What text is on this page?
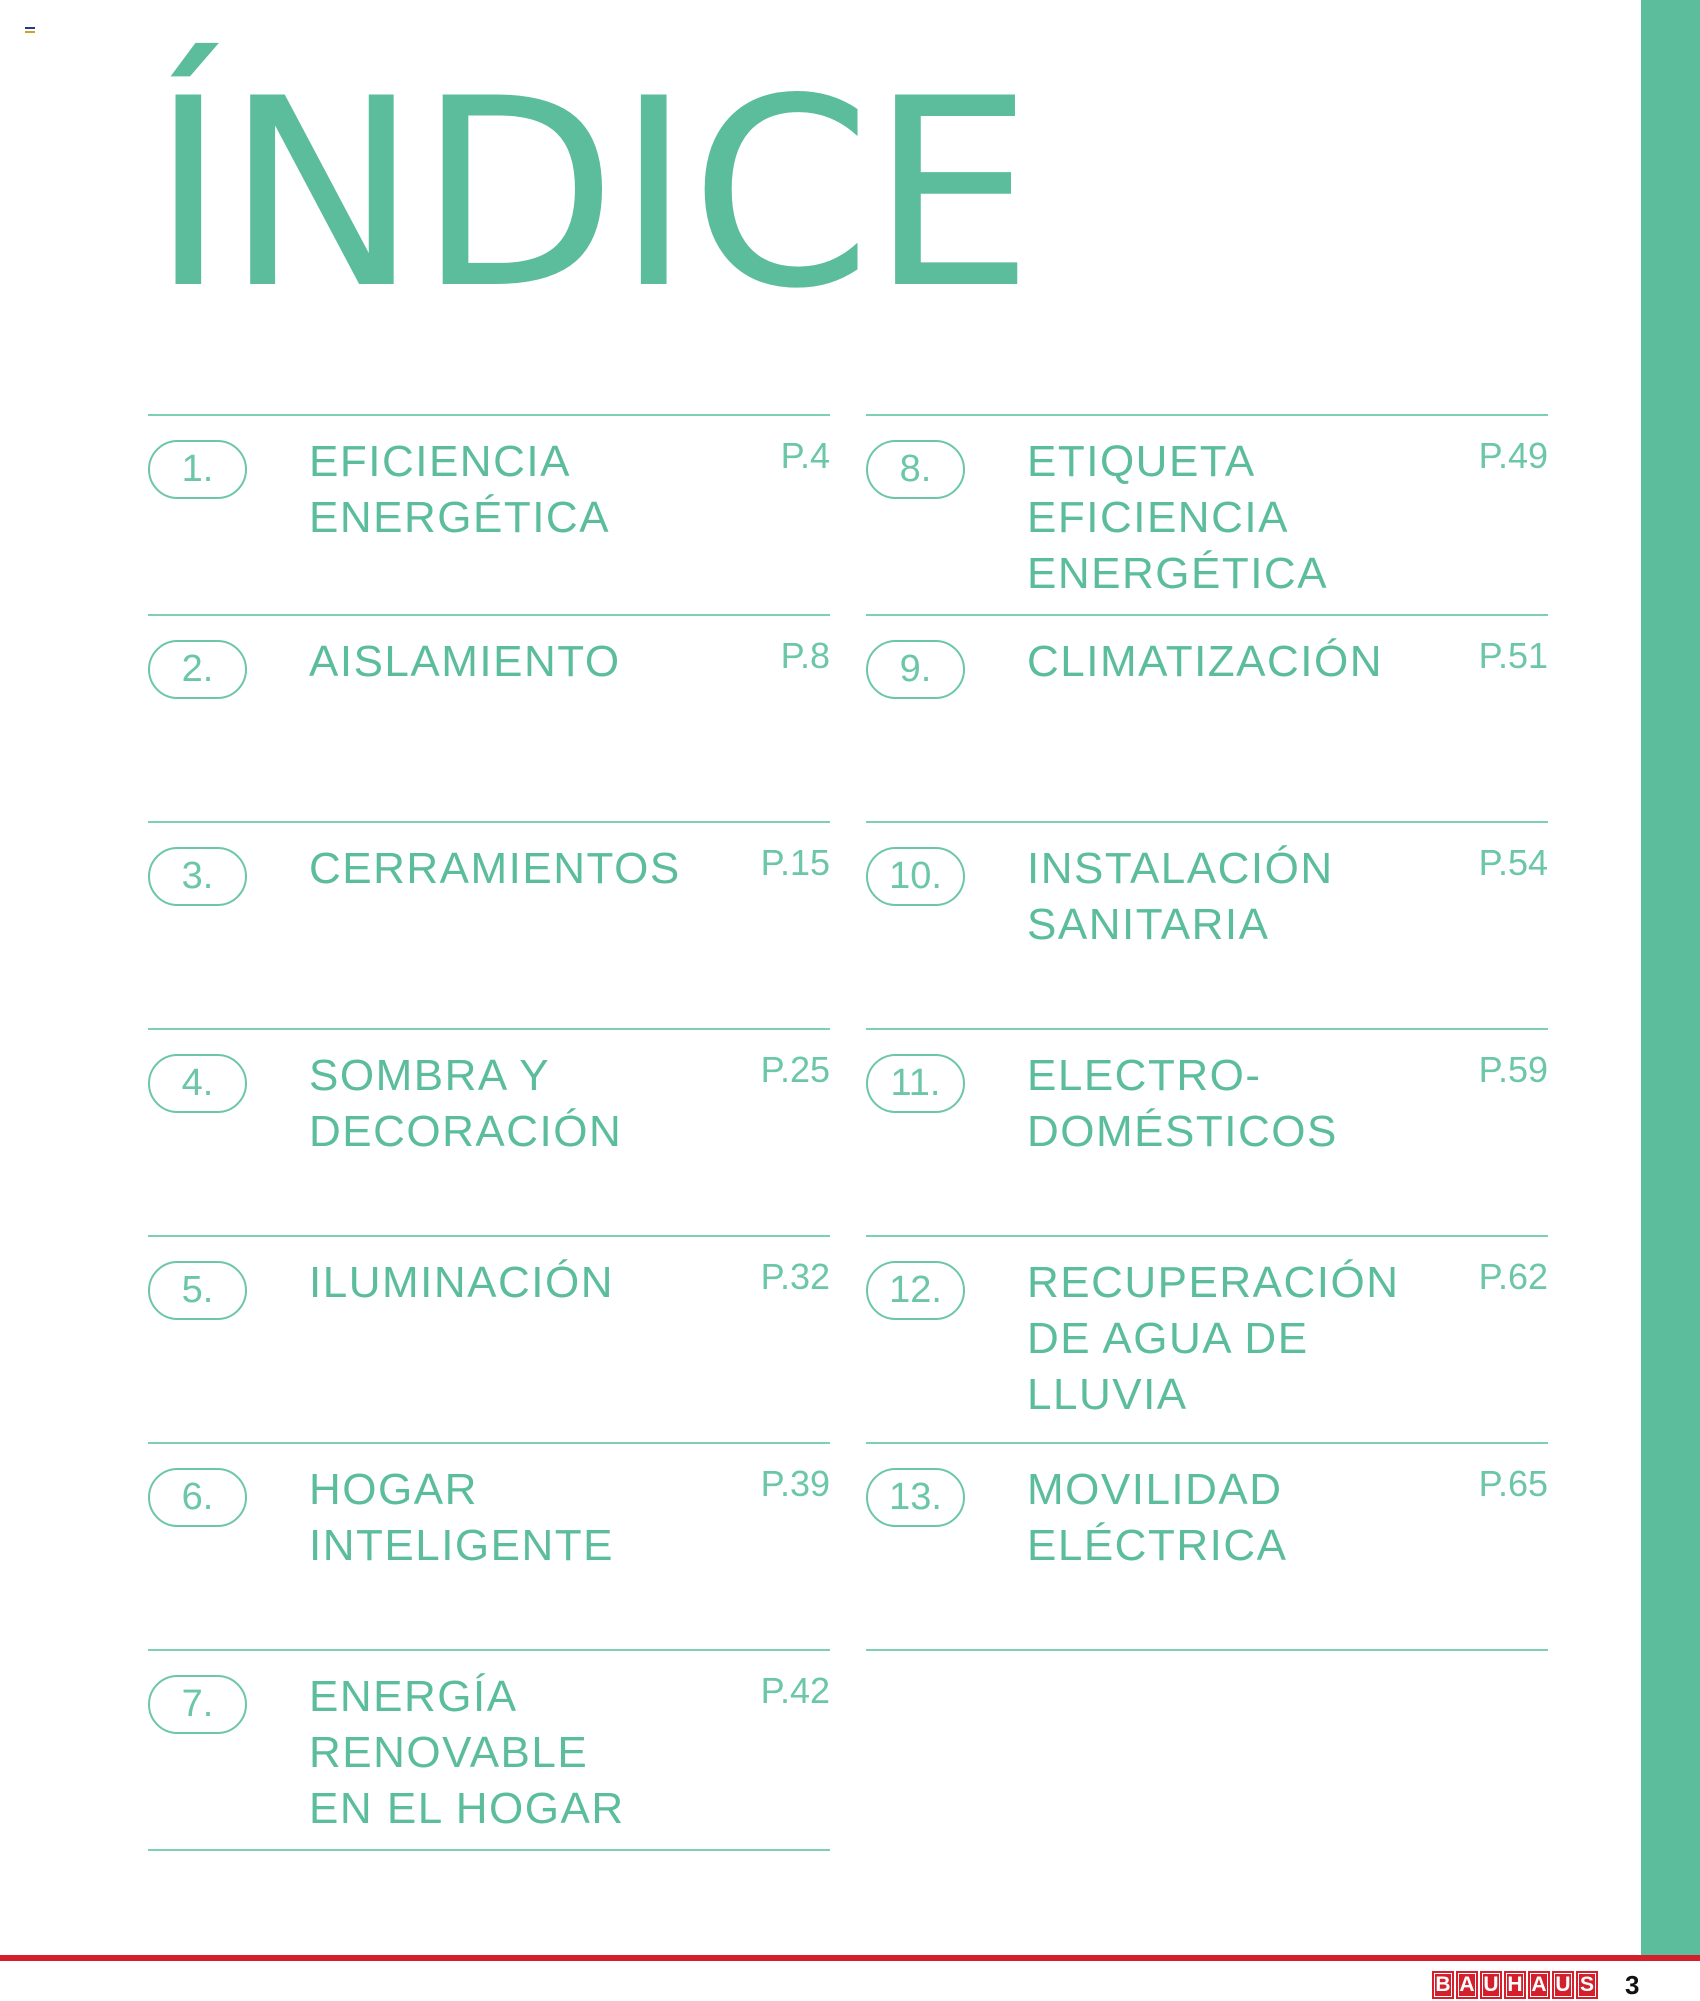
ÍNDICE
1.	EFICIENCIA
ENERGÉTICA
P.4
2.	AISLAMIENTO	P.8
3.	CERRAMIENTOS	P.15
4.	SOMBRA Y
DECORACIÓN
P.25
5.	ILUMINACIÓN	P.32
6.	HOGAR
INTELIGENTE
P.39
7.	ENERGÍA
RENOVABLE
EN EL HOGAR
P.42
8.	ETIQUETA
EFICIENCIA
ENERGÉTICA
P.49
9.	CLIMATIZACIÓN	P.51
10.	INSTALACIÓN
SANITARIA
P.54
11.	ELECTRO-
DOMÉSTICOS
P.59
12.	RECUPERACIÓN
DE AGUA DE LLUVIA
P.62
13.	MOVILIDAD
ELÉCTRICA
P.65
B A U H A U S 3
